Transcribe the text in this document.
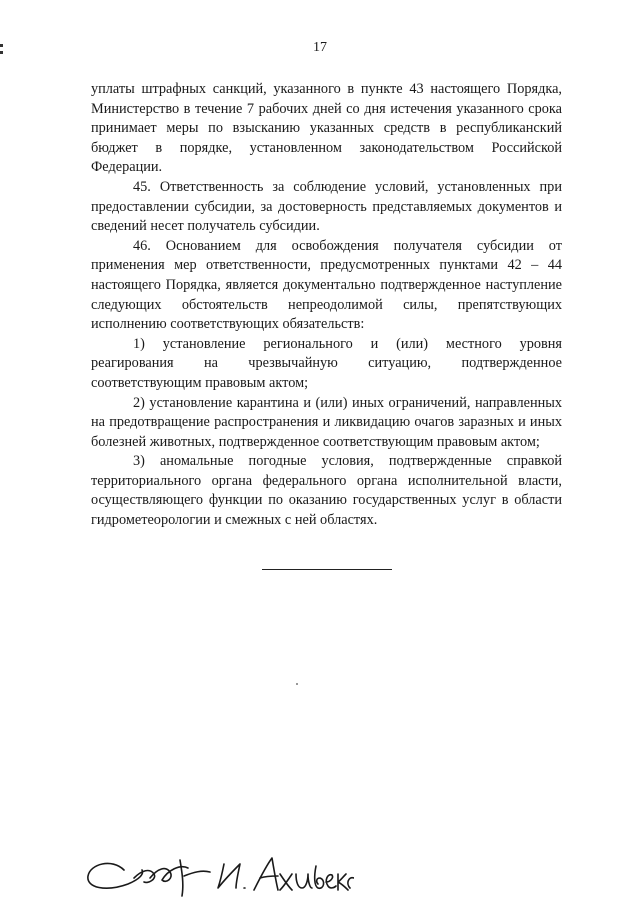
17

уплаты штрафных санкций, указанного в пункте 43 настоящего Порядка, Министерство в течение 7 рабочих дней со дня истечения указанного срока принимает меры по взысканию указанных средств в республиканский бюджет в порядке, установленном законодательством Российской Федерации.

45. Ответственность за соблюдение условий, установленных при предоставлении субсидии, за достоверность представляемых документов и сведений несет получатель субсидии.

46. Основанием для освобождения получателя субсидии от применения мер ответственности, предусмотренных пунктами 42 – 44 настоящего Порядка, является документально подтвержденное наступление следующих обстоятельств непреодолимой силы, препятствующих исполнению соответствующих обязательств:

1) установление регионального и (или) местного уровня реагирования на чрезвычайную ситуацию, подтвержденное соответствующим правовым актом;

2) установление карантина и (или) иных ограничений, направленных на предотвращение распространения и ликвидацию очагов заразных и иных болезней животных, подтвержденное соответствующим правовым актом;

3) аномальные погодные условия, подтвержденные справкой территориального органа федерального органа исполнительной власти, осуществляющего функции по оказанию государственных услуг в области гидрометеорологии и смежных с ней областях.
